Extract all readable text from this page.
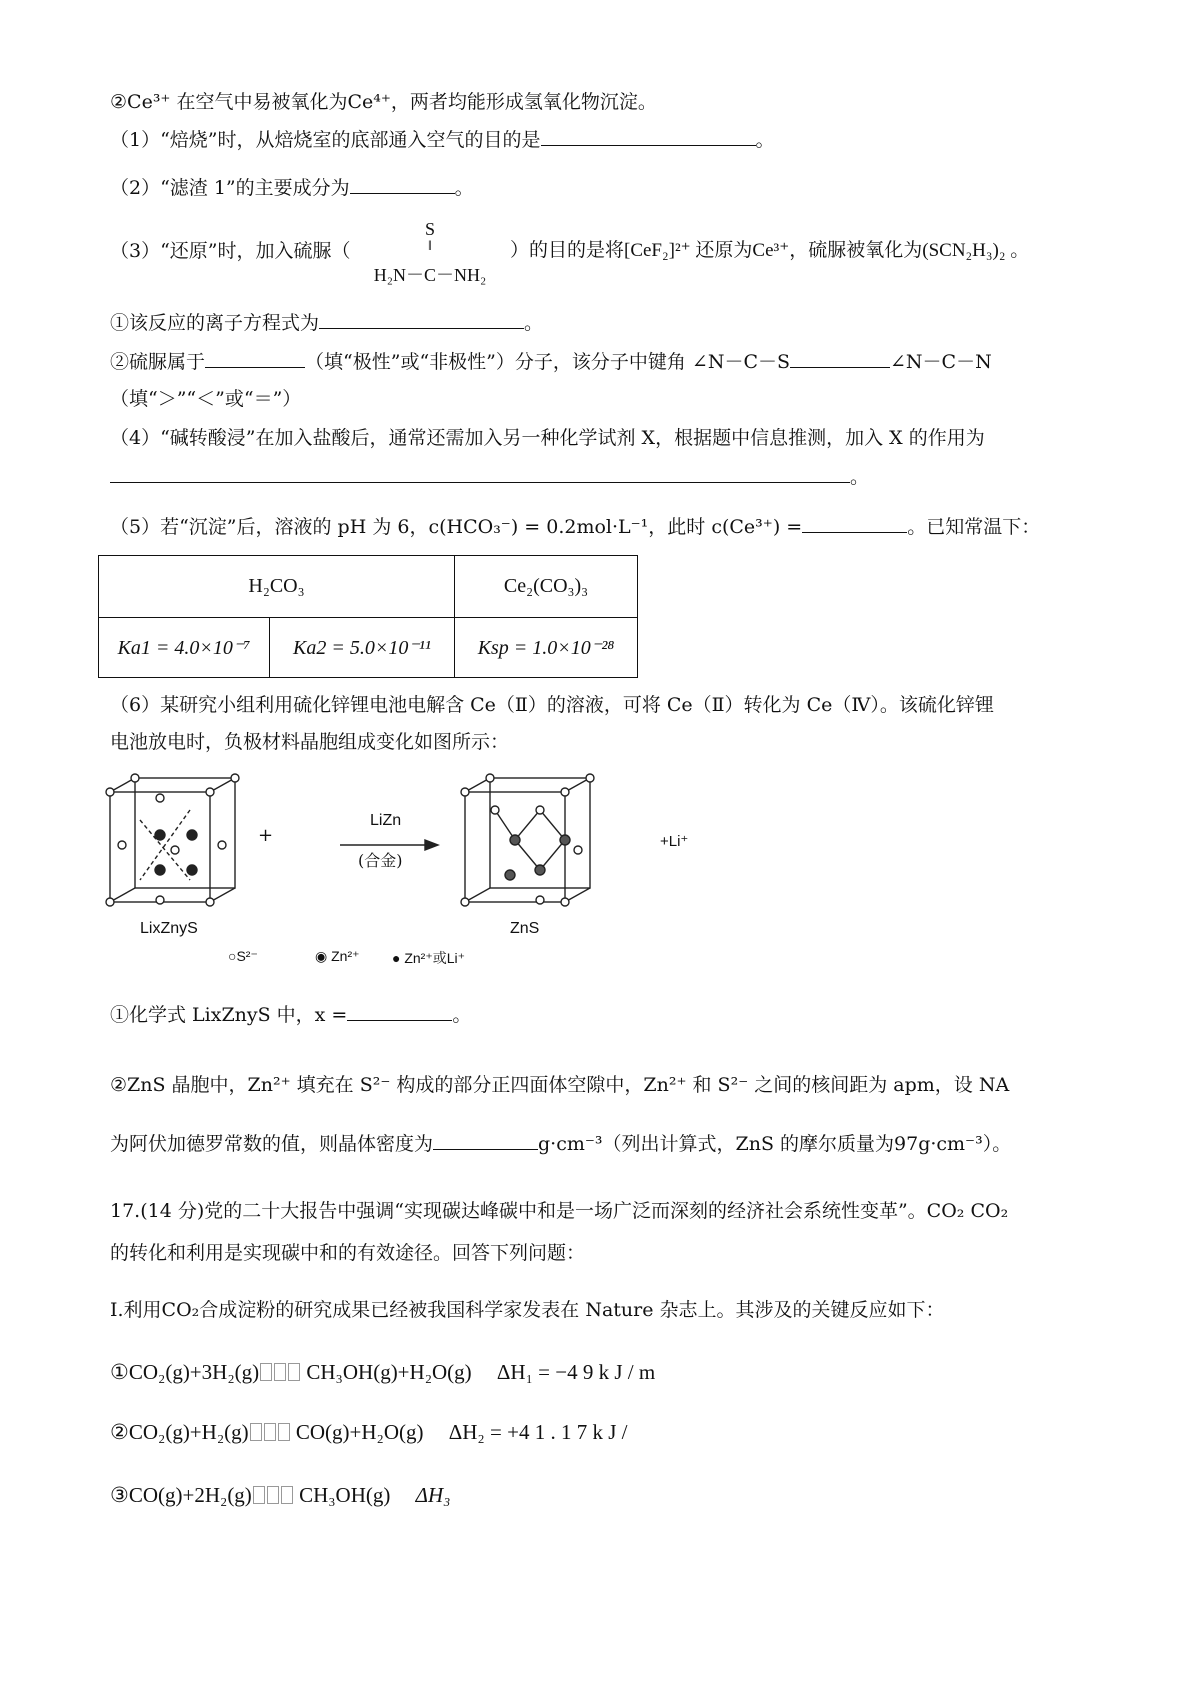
②Ce³⁺ 在空气中易被氧化为Ce⁴⁺，两者均能形成氢氧化物沉淀。
（1）“焙烧”时，从焙烧室的底部通入空气的目的是	。
（2）“滤渣 1”的主要成分为	。
（3）“还原”时，加入硫脲（
S
‖
H₂N－C－NH₂
）的目的是将[CeF₂]²⁺ 还原为Ce³⁺，硫脲被氧化为(SCN₂H₃)₂ 。
①该反应的离子方程式为	。
②硫脲属于	（填“极性”或“非极性”）分子，该分子中键角 ∠N－C－S	∠N－C－N
（填“＞”“＜”或“＝”）
（4）“碱转酸浸”在加入盐酸后，通常还需加入另一种化学试剂 X，根据题中信息推测，加入 X 的作用为
。
（5）若“沉淀”后，溶液的 pH 为 6，c(HCO₃⁻) = 0.2mol·L⁻¹，此时 c(Ce³⁺) =	。已知常温下：
H₂CO₃		Ce₂(CO₃)₃
Ka1 = 4.0×10⁻⁷	Ka2 = 5.0×10⁻¹¹	Ksp = 1.0×10⁻²⁸
（6）某研究小组利用硫化锌锂电池电解含 Ce（Ⅱ）的溶液，可将 Ce（Ⅱ）转化为 Ce（Ⅳ）。该硫化锌锂
电池放电时，负极材料晶胞组成变化如图所示：
+
LiZn
(合金)
+Li⁺
LixZnyS	ZnS
○S²⁻	◉ Zn²⁺ ● Zn²⁺或Li⁺
①化学式 LixZnyS 中，x =	。
②ZnS 晶胞中，Zn²⁺ 填充在 S²⁻ 构成的部分正四面体空隙中，Zn²⁺ 和 S²⁻ 之间的核间距为 apm，设 NA
为阿伏加德罗常数的值，则晶体密度为	g·cm⁻³（列出计算式，ZnS 的摩尔质量为97g·cm⁻³）。
17.(14 分)党的二十大报告中强调“实现碳达峰碳中和是一场广泛而深刻的经济社会系统性变革”。CO₂ CO₂
的转化和利用是实现碳中和的有效途径。回答下列问题：
Ⅰ.利用CO₂合成淀粉的研究成果已经被我国科学家发表在 Nature 杂志上。其涉及的关键反应如下：
①CO₂(g)+3H₂(g) CH₃OH(g)+H₂O(g) ΔH₁ = −4 9 k J / m
②CO₂(g)+H₂(g) CO(g)+H₂O(g) ΔH₂ = +4 1 . 1 7 k J /
③CO(g)+2H₂(g) CH₃OH(g) ΔH₃
